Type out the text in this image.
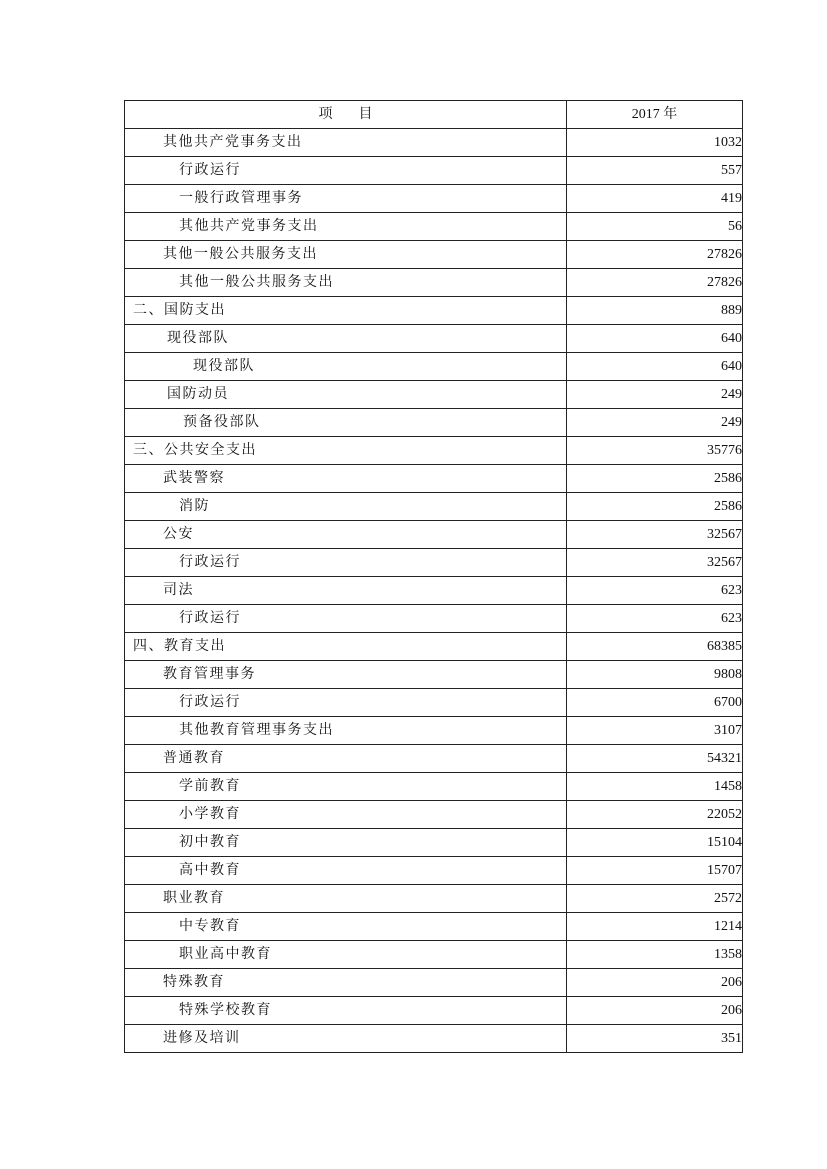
项 目	2017 年
其他共产党事务支出	1032
行政运行	557
一般行政管理事务	419
其他共产党事务支出	56
其他一般公共服务支出	27826
其他一般公共服务支出	27826
二、国防支出	889
现役部队	640
现役部队	640
国防动员	249
预备役部队	249
三、公共安全支出	35776
武装警察	2586
消防	2586
公安	32567
行政运行	32567
司法	623
行政运行	623
四、教育支出	68385
教育管理事务	9808
行政运行	6700
其他教育管理事务支出	3107
普通教育	54321
学前教育	1458
小学教育	22052
初中教育	15104
高中教育	15707
职业教育	2572
中专教育	1214
职业高中教育	1358
特殊教育	206
特殊学校教育	206
进修及培训	351
